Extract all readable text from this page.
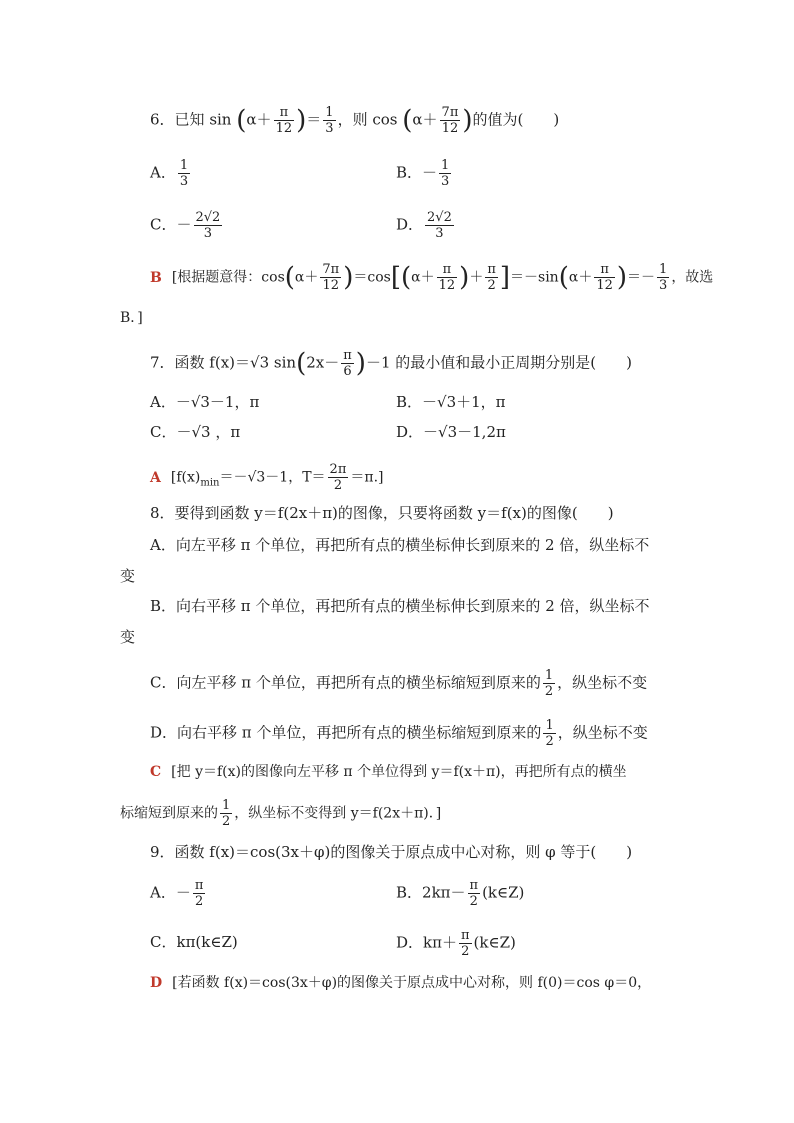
6．已知 $\sin (\alpha+ \frac{\pi}{12}$ )＝ $\frac{1}{3}$ ，则 $\cos (\alpha+ \frac{7\pi}{12}$ )的值为(　　)
A． $\frac{1}{3}$	B．－ $\frac{1}{3}$
C．－ $\frac{2√2}{3}$	D． $\frac{2√2}{3}$
B [根据题意得：$\cos(\alpha+ \frac{7\pi}{12} )=\cos[(\alpha+ \frac{\pi}{12}$ )＋ $\frac{\pi}{2} ]=-\sin(\alpha+ \frac{\pi}{12}$ )＝－ $\frac{1}{3}$ ，故选
B．]
7．函数 f(x)＝√3 $\sin(2x- \frac{\pi}{6} )-1$ 的最小值和最小正周期分别是(　　)
A．－√3－1，π	B．－√3＋1，π
C．－√3 ，π	D．－√3－1,2π
A [$f(x)_{min}=-√3-1$，$T= \frac{2\pi}{2} =\pi$.]
8．要得到函数 y＝f(2x＋π)的图像，只要将函数 y＝f(x)的图像(　　)
A．向左平移 π 个单位，再把所有点的横坐标伸长到原来的 2 倍，纵坐标不
变
B．向右平移 π 个单位，再把所有点的横坐标伸长到原来的 2 倍，纵坐标不
变
C．向左平移 π 个单位，再把所有点的横坐标缩短到原来的 $\frac{1}{2}$ ，纵坐标不变
D．向右平移 π 个单位，再把所有点的横坐标缩短到原来的 $\frac{1}{2}$ ，纵坐标不变
C [把 y＝f(x)的图像向左平移 π 个单位得到 y＝f(x＋π)，再把所有点的横坐
标缩短到原来的 $\frac{1}{2}$ ，纵坐标不变得到 y＝f(2x＋π)．]
9．函数 f(x)＝cos(3x＋φ)的图像关于原点成中心对称，则 φ 等于(　　)
A．－ $\frac{\pi}{2}$	B．$2k\pi- \frac{\pi}{2}$ (k∈Z)
C．kπ(k∈Z)	D．$k\pi+ \frac{\pi}{2}$ (k∈Z)
D [若函数 f(x)＝cos(3x＋φ)的图像关于原点成中心对称，则 f(0)＝cos φ＝0，
